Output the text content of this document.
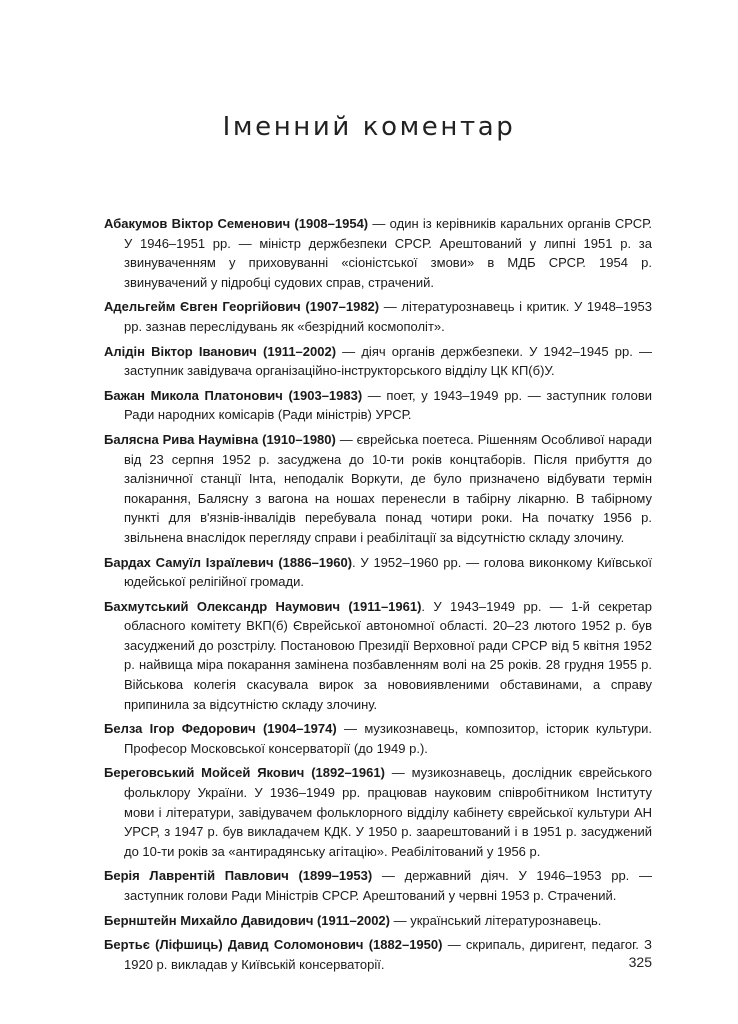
Іменний коментар

Абакумов Віктор Семенович (1908–1954) — один із керівників каральних органів СРСР. У 1946–1951 рр. — міністр держбезпеки СРСР. Арештований у липні 1951 р. за звинуваченням у приховуванні «сіоністської змови» в МДБ СРСР. 1954 р. звинувачений у підробці судових справ, страчений.

Адельгейм Євген Георгійович (1907–1982) — літературознавець і критик. У 1948–1953 рр. зазнав переслідувань як «безрідний космополіт».

Алідін Віктор Іванович (1911–2002) — діяч органів держбезпеки. У 1942–1945 рр. — заступник завідувача організаційно-інструкторського відділу ЦК КП(б)У.

Бажан Микола Платонович (1903–1983) — поет, у 1943–1949 рр. — заступник голови Ради народних комісарів (Ради міністрів) УРСР.

Балясна Рива Наумівна (1910–1980) — єврейська поетеса. Рішенням Особливої наради від 23 серпня 1952 р. засуджена до 10-ти років концтаборів. Після прибуття до залізничної станції Інта, неподалік Воркути, де було призначено відбувати термін покарання, Балясну з вагона на ношах перенесли в табірну лікарню. В табірному пункті для в'язнів-інвалідів перебувала понад чотири роки. На початку 1956 р. звільнена внаслідок перегляду справи і реабілітації за відсутністю складу злочину.

Бардах Самуїл Ізраїлевич (1886–1960). У 1952–1960 рр. — голова виконкому Київської юдейської релігійної громади.

Бахмутський Олександр Наумович (1911–1961). У 1943–1949 рр. — 1-й секретар обласного комітету ВКП(б) Єврейської автономної області. 20–23 лютого 1952 р. був засуджений до розстрілу. Постановою Президії Верховної ради СРСР від 5 квітня 1952 р. найвища міра покарання замінена позбавленням волі на 25 років. 28 грудня 1955 р. Військова колегія скасувала вирок за нововиявленими обставинами, а справу припинила за відсутністю складу злочину.

Белза Ігор Федорович (1904–1974) — музикознавець, композитор, історик культури. Професор Московської консерваторії (до 1949 р.).

Береговський Мойсей Якович (1892–1961) — музикознавець, дослідник єврейського фольклору України. У 1936–1949 рр. працював науковим співробітником Інституту мови і літератури, завідувачем фольклорного відділу кабінету єврейської культури АН УРСР, з 1947 р. був викладачем КДК. У 1950 р. заарештований і в 1951 р. засуджений до 10-ти років за «антирадянську агітацію». Реабілітований у 1956 р.

Берія Лаврентій Павлович (1899–1953) — державний діяч. У 1946–1953 рр. — заступник голови Ради Міністрів СРСР. Арештований у червні 1953 р. Страчений.

Бернштейн Михайло Давидович (1911–2002) — український літературознавець.

Бертьє (Ліфшиць) Давид Соломонович (1882–1950) — скрипаль, диригент, педагог. З 1920 р. викладав у Київській консерваторії.	325
